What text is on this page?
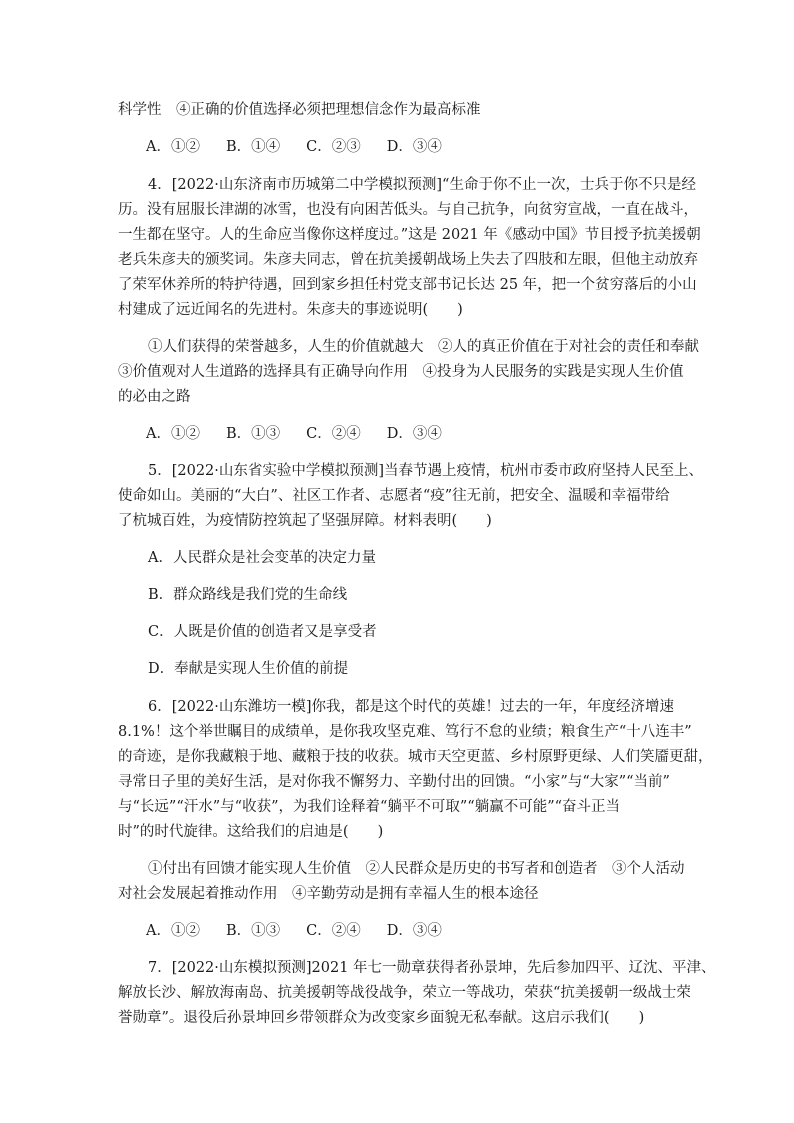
科学性　④正确的价值选择必须把理想信念作为最高标准
A．①② B．①④ C．②③ D．③④
4．[2022·山东济南市历城第二中学模拟预测]“生命于你不止一次，士兵于你不只是经
历。没有屈服长津湖的冰雪，也没有向困苦低头。与自己抗争，向贫穷宣战，一直在战斗，
一生都在坚守。人的生命应当像你这样度过。”这是 2021 年《感动中国》节目授予抗美援朝
老兵朱彦夫的颁奖词。朱彦夫同志，曾在抗美援朝战场上失去了四肢和左眼，但他主动放弃
了荣军休养所的特护待遇，回到家乡担任村党支部书记长达 25 年，把一个贫穷落后的小山
村建成了远近闻名的先进村。朱彦夫的事迹说明(　　)
①人们获得的荣誉越多，人生的价值就越大　②人的真正价值在于对社会的责任和奉献
③价值观对人生道路的选择具有正确导向作用　④投身为人民服务的实践是实现人生价值
的必由之路
A．①② B．①③ C．②④ D．③④
5．[2022·山东省实验中学模拟预测]当春节遇上疫情，杭州市委市政府坚持人民至上、
使命如山。美丽的“大白”、社区工作者、志愿者“疫”往无前，把安全、温暖和幸福带给
了杭城百姓，为疫情防控筑起了坚强屏障。材料表明(　　)
A．人民群众是社会变革的决定力量
B．群众路线是我们党的生命线
C．人既是价值的创造者又是享受者
D．奉献是实现人生价值的前提
6．[2022·山东潍坊一模]你我，都是这个时代的英雄！过去的一年，年度经济增速
8.1%！这个举世瞩目的成绩单，是你我攻坚克难、笃行不怠的业绩；粮食生产“十八连丰”
的奇迹，是你我藏粮于地、藏粮于技的收获。城市天空更蓝、乡村原野更绿、人们笑靥更甜，
寻常日子里的美好生活，是对你我不懈努力、辛勤付出的回馈。“小家”与“大家”“当前”
与“长远”“汗水”与“收获”，为我们诠释着“躺平不可取”“躺赢不可能”“奋斗正当
时”的时代旋律。这给我们的启迪是(　　)
①付出有回馈才能实现人生价值　②人民群众是历史的书写者和创造者　③个人活动
对社会发展起着推动作用　④辛勤劳动是拥有幸福人生的根本途径
A．①② B．①③ C．②④ D．③④
7．[2022·山东模拟预测]2021 年七一勋章获得者孙景坤，先后参加四平、辽沈、平津、
解放长沙、解放海南岛、抗美援朝等战役战争，荣立一等战功，荣获“抗美援朝一级战士荣
誉勋章”。退役后孙景坤回乡带领群众为改变家乡面貌无私奉献。这启示我们(　　)
